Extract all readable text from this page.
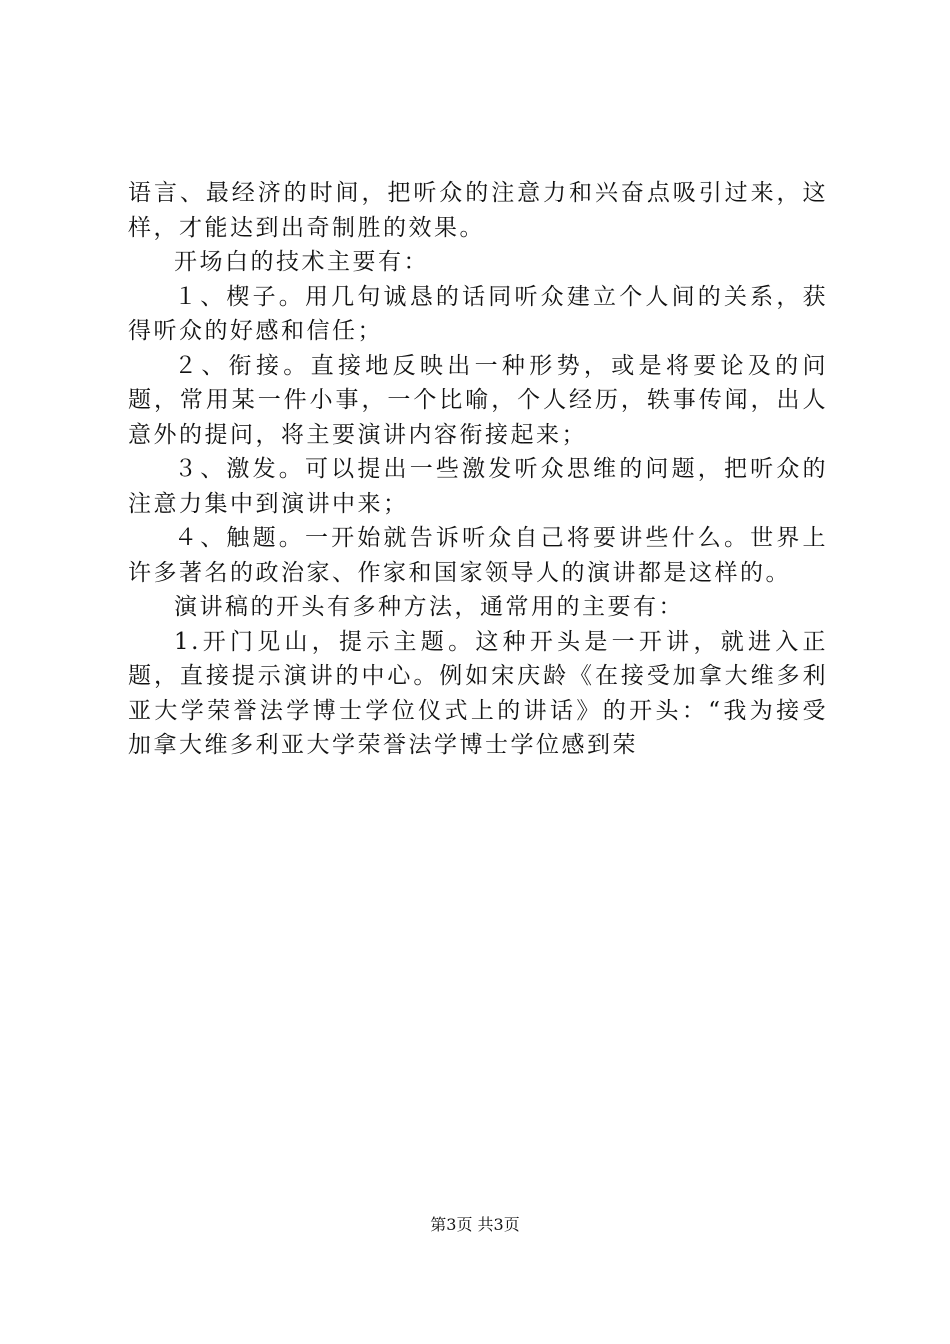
语言、最经济的时间，把听众的注意力和兴奋点吸引过来，这样，才能达到出奇制胜的效果。

开场白的技术主要有：

１、楔子。用几句诚恳的话同听众建立个人间的关系，获得听众的好感和信任；

２、衔接。直接地反映出一种形势，或是将要论及的问题，常用某一件小事，一个比喻，个人经历，轶事传闻，出人意外的提问，将主要演讲内容衔接起来；

３、激发。可以提出一些激发听众思维的问题，把听众的注意力集中到演讲中来；

４、触题。一开始就告诉听众自己将要讲些什么。世界上许多著名的政治家、作家和国家领导人的演讲都是这样的。

演讲稿的开头有多种方法，通常用的主要有：

1.开门见山，提示主题。这种开头是一开讲，就进入正题，直接提示演讲的中心。例如宋庆龄《在接受加拿大维多利亚大学荣誉法学博士学位仪式上的讲话》的开头：“我为接受加拿大维多利亚大学荣誉法学博士学位感到荣

第3页 共3页
